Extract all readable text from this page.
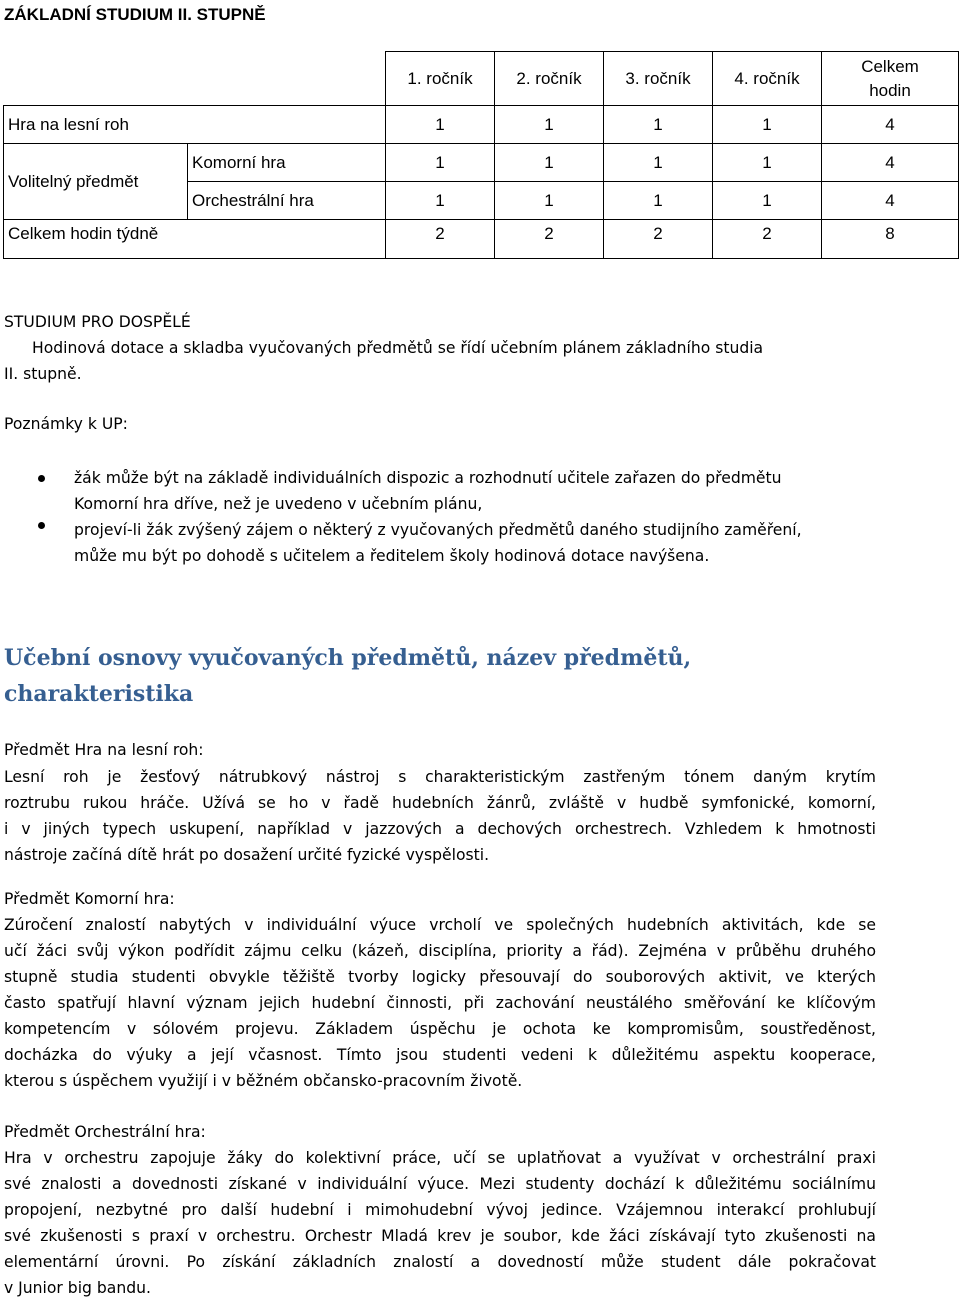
ZÁKLADNÍ STUDIUM II. STUPNĚ
		1. ročník	2. ročník	3. ročník	4. ročník	Celkem hodin
Hra na lesní roh		1	1	1	1	4
Volitelný předmět	Komorní hra	1	1	1	1	4
	Orchestrální hra	1	1	1	1	4
Celkem hodin týdně		2	2	2	2	8
STUDIUM PRO DOSPĚLÉ
Hodinová dotace a skladba vyučovaných předmětů se řídí učebním plánem základního studia
II. stupně.
Poznámky k UP:
žák může být na základě individuálních dispozic a rozhodnutí učitele zařazen do předmětu
Komorní hra dříve, než je uvedeno v učebním plánu,
projeví-li žák zvýšený zájem o některý z vyučovaných předmětů daného studijního zaměření,
může mu být po dohodě s učitelem a ředitelem školy hodinová dotace navýšena.
Učební osnovy vyučovaných předmětů, název předmětů,
charakteristika
Předmět Hra na lesní roh:
Lesní roh je žesťový nátrubkový nástroj s charakteristickým zastřeným tónem daným krytím
roztrubu rukou hráče. Užívá se ho v řadě hudebních žánrů, zvláště v hudbě symfonické, komorní,
i v jiných typech uskupení, například v jazzových a dechových orchestrech. Vzhledem k hmotnosti
nástroje začíná dítě hrát po dosažení určité fyzické vyspělosti.
Předmět Komorní hra:
Zúročení znalostí nabytých v individuální výuce vrcholí ve společných hudebních aktivitách, kde se
učí žáci svůj výkon podřídit zájmu celku (kázeň, disciplína, priority a řád). Zejména v průběhu druhého
stupně studia studenti obvykle těžiště tvorby logicky přesouvají do souborových aktivit, ve kterých
často spatřují hlavní význam jejich hudební činnosti, při zachování neustálého směřování ke klíčovým
kompetencím v sólovém projevu. Základem úspěchu je ochota ke kompromisům, soustředěnost,
docházka do výuky a její včasnost. Tímto jsou studenti vedeni k důležitému aspektu kooperace,
kterou s úspěchem využijí i v běžném občansko-pracovním životě.
Předmět Orchestrální hra:
Hra v orchestru zapojuje žáky do kolektivní práce, učí se uplatňovat a využívat v orchestrální praxi
své znalosti a dovednosti získané v individuální výuce. Mezi studenty dochází k důležitému sociálnímu
propojení, nezbytné pro další hudební i mimohudební vývoj jedince. Vzájemnou interakcí prohlubují
své zkušenosti s praxí v orchestru. Orchestr Mladá krev je soubor, kde žáci získávají tyto zkušenosti na
elementární úrovni. Po získání základních znalostí a dovedností může student dále pokračovat
v Junior big bandu.
